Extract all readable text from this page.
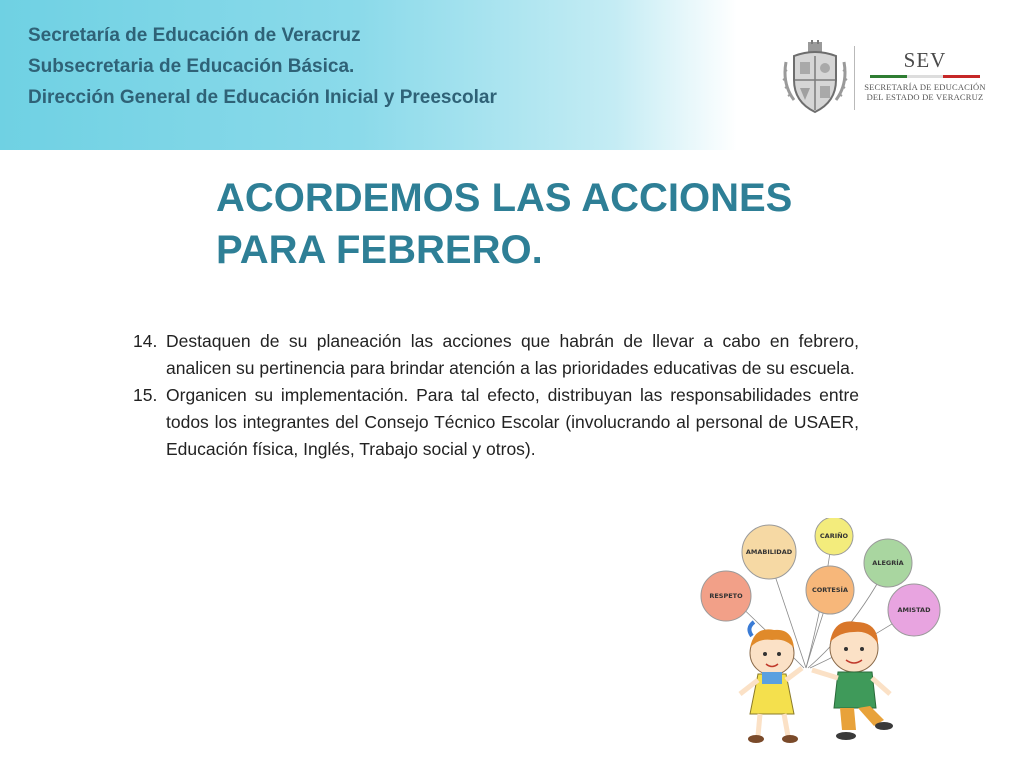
Secretaría de Educación de Veracruz
Subsecretaria de Educación Básica.
Dirección General de Educación Inicial y Preescolar
SEV
SECRETARÍA DE EDUCACIÓN
DEL ESTADO DE VERACRUZ
ACORDEMOS LAS ACCIONES
PARA FEBRERO.
14. Destaquen de su planeación las acciones que habrán de llevar a cabo en febrero, analicen su pertinencia para brindar atención a las prioridades educativas de su escuela.
15. Organicen su implementación. Para tal efecto, distribuyan las responsabilidades entre todos los integrantes del Consejo Técnico Escolar (involucrando al personal de USAER, Educación física, Inglés, Trabajo social y otros).
CARIÑO
AMABILIDAD
ALEGRÍA
CORTESÍA
RESPETO
AMISTAD
